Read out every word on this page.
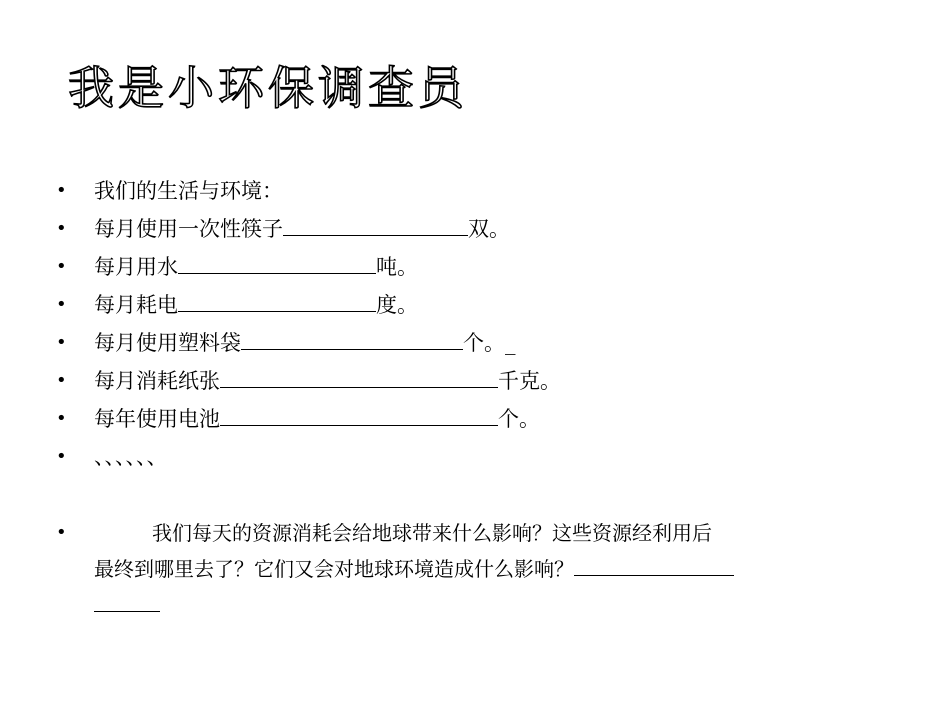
我是小环保调查员
•	我们的生活与环境：
•	每月使用一次性筷子	双。
•	每月用水	吨。
•	每月耗电	度。
•	每月使用塑料袋	个。_
•	每月消耗纸张	千克。
•	每年使用电池	个。
•	、、、、、、
•	我们每天的资源消耗会给地球带来什么影响？这些资源经利用后
最终到哪里去了？它们又会对地球环境造成什么影响？
